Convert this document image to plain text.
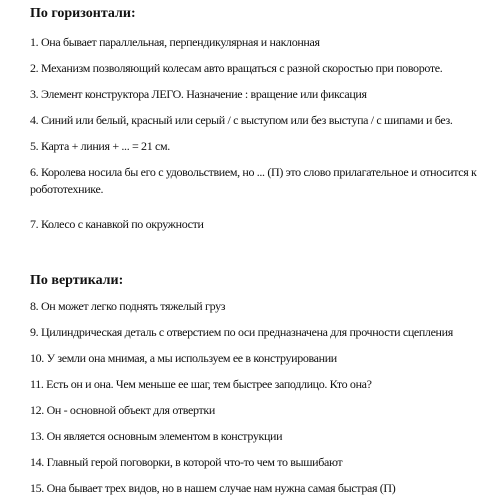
По горизонтали:
1. Она бывает параллельная, перпендикулярная и наклонная
2. Механизм позволяющий колесам авто вращаться с разной скоростью при повороте.
3. Элемент конструктора ЛЕГО. Назначение : вращение или фиксация
4. Синий или белый, красный или серый / с выступом или без выступа / с шипами и без.
5. Карта + линия + ... = 21 см.
6. Королева носила бы его с удовольствием, но ... (П) это слово прилагательное и относится к робототехнике.
7. Колесо с канавкой по окружности
По вертикали:
8. Он может легко поднять тяжелый груз
9. Цилиндрическая деталь с отверстием по оси предназначена для прочности сцепления
10. У земли она мнимая, а мы используем ее в конструировании
11. Есть он и она. Чем меньше ее шаг, тем быстрее заподлицо. Кто она?
12. Он - основной объект для отвертки
13. Он является основным элементом в конструкции
14. Главный герой поговорки, в которой что-то чем то вышибают
15. Она бывает трех видов, но в нашем случае нам нужна самая быстрая (П)
